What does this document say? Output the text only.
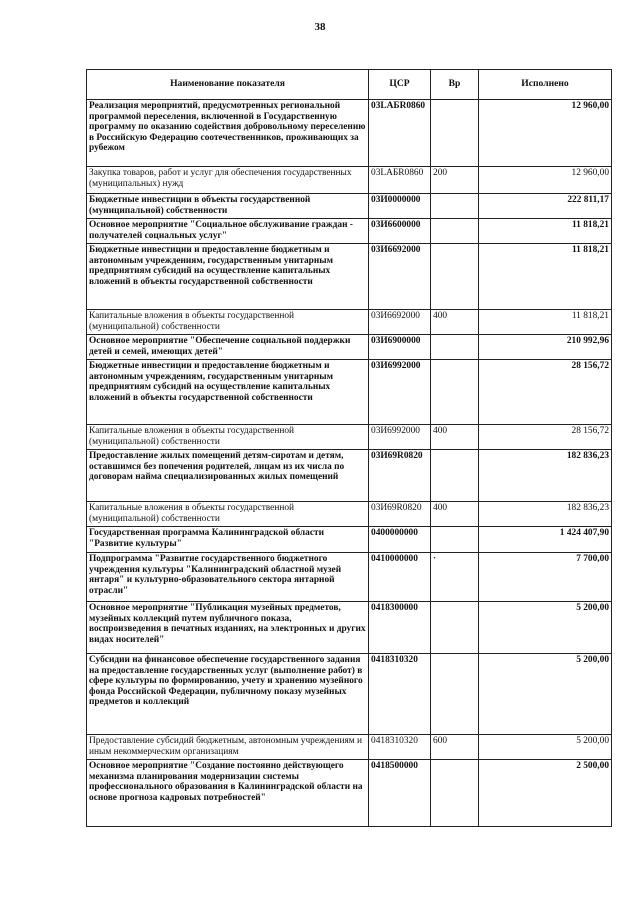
38
Наименование показателя	ЦСР	Вр	Исполнено
Реализация мероприятий, предусмотренных региональной программой переселения, включенной в Государственную программу по оказанию содействия добровольному переселению в Российскую Федерацию соотечественников, проживающих за рубежом	03LАБR0860		12 960,00
Закупка товаров, работ и услуг для обеспечения государственных (муниципальных) нужд	03LАБR0860	200	12 960,00
Бюджетные инвестиции в объекты государственной (муниципальной) собственности	03И0000000		222 811,17
Основное мероприятие "Социальное обслуживание граждан - получателей социальных услуг"	03И6600000		11 818,21
Бюджетные инвестиции и предоставление бюджетным и автономным учреждениям, государственным унитарным предприятиям субсидий на осуществление капитальных вложений в объекты государственной собственности	03И6692000		11 818,21
Капитальные вложения в объекты государственной (муниципальной) собственности	03И6692000	400	11 818,21
Основное мероприятие "Обеспечение социальной поддержки детей и семей, имеющих детей"	03И6900000		210 992,96
Бюджетные инвестиции и предоставление бюджетным и автономным учреждениям, государственным унитарным предприятиям субсидий на осуществление капитальных вложений в объекты государственной собственности	03И6992000		28 156,72
Капитальные вложения в объекты государственной (муниципальной) собственности	03И6992000	400	28 156,72
Предоставление жилых помещений детям-сиротам и детям, оставшимся без попечения родителей, лицам из их числа по договорам найма специализированных жилых помещений	03И69R0820		182 836,23
Капитальные вложения в объекты государственной (муниципальной) собственности	03И69R0820	400	182 836,23
Государственная программа Калининградской области "Развитие культуры"	0400000000		1 424 407,90
Подпрограмма "Развитие государственного бюджетного учреждения культуры "Калининградский областной музей янтаря" и культурно-образовательного сектора янтарной отрасли"	0410000000	·	7 700,00
Основное мероприятие "Публикация музейных предметов, музейных коллекций путем публичного показа, воспроизведения в печатных изданиях, на электронных и других видах носителей"	0418300000		5 200,00
Субсидии на финансовое обеспечение государственного задания на предоставление государственных услуг (выполнение работ) в сфере культуры по формированию, учету и хранению музейного фонда Российской Федерации, публичному показу музейных предметов и коллекций	0418310320		5 200,00
Предоставление субсидий бюджетным, автономным учреждениям и иным некоммерческим организациям	0418310320	600	5 200,00
Основное мероприятие "Создание постоянно действующего механизма планирования модернизации системы профессионального образования в Калининградской области на основе прогноза кадровых потребностей"	0418500000		2 500,00
